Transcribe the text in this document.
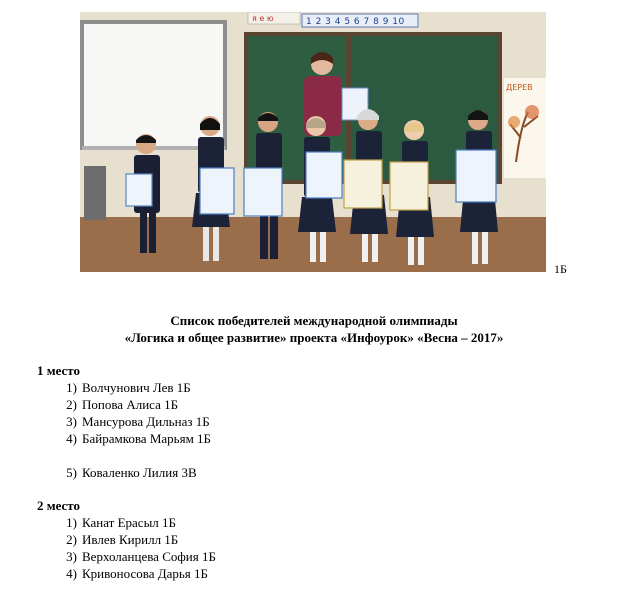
я е ю	1 2 3 4 5 6 7 8 9 10
ДЕРЕВ
1Б
Список победителей международной олимпиады
«Логика и общее развитие» проекта «Инфоурок» «Весна – 2017»
1 место
1) Волчунович Лев 1Б
2) Попова Алиса 1Б
3) Мансурова Дильназ 1Б
4) Байрамкова Марьям 1Б
5) Коваленко Лилия 3В
2 место
1) Канат Ерасыл 1Б
2) Ивлев Кирилл 1Б
3) Верхоланцева София 1Б
4) Кривоносова Дарья 1Б
